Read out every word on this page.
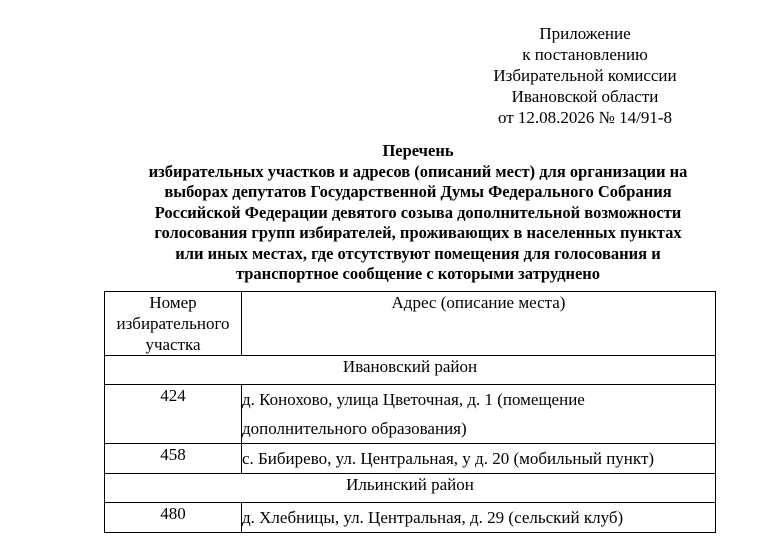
Приложение
к постановлению
Избирательной комиссии
Ивановской области
от 12.08.2026 № 14/91-8
Перечень
избирательных участков и адресов (описаний мест) для организации на
выборах депутатов Государственной Думы Федерального Собрания
Российской Федерации девятого созыва дополнительной возможности
голосования групп избирателей, проживающих в населенных пунктах
или иных местах, где отсутствуют помещения для голосования и
транспортное сообщение с которыми затруднено
Номер
избирательного
участка	Адрес (описание места)
Ивановский район	
424	д. Конохово, улица Цветочная, д. 1 (помещение
дополнительного образования)

458	с. Бибирево, ул. Центральная, у д. 20 (мобильный пункт)

Ильинский район	
480	д. Хлебницы, ул. Центральная, д. 29 (сельский клуб)
